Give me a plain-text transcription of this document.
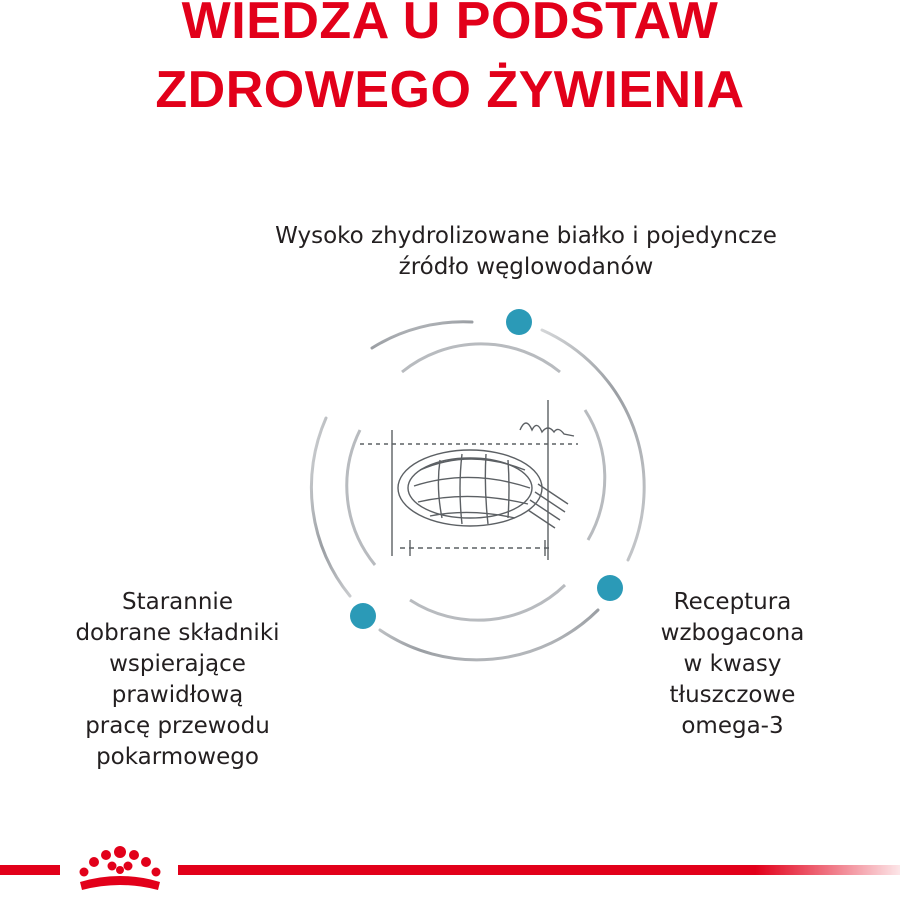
WIEDZA U PODSTAW
ZDROWEGO ŻYWIENIA
Wysoko zhydrolizowane białko i pojedyncze
źródło węglowodanów
Starannie
dobrane składniki
wspierające
prawidłową
pracę przewodu
pokarmowego
Receptura
wzbogacona
w kwasy
tłuszczowe
omega-3
